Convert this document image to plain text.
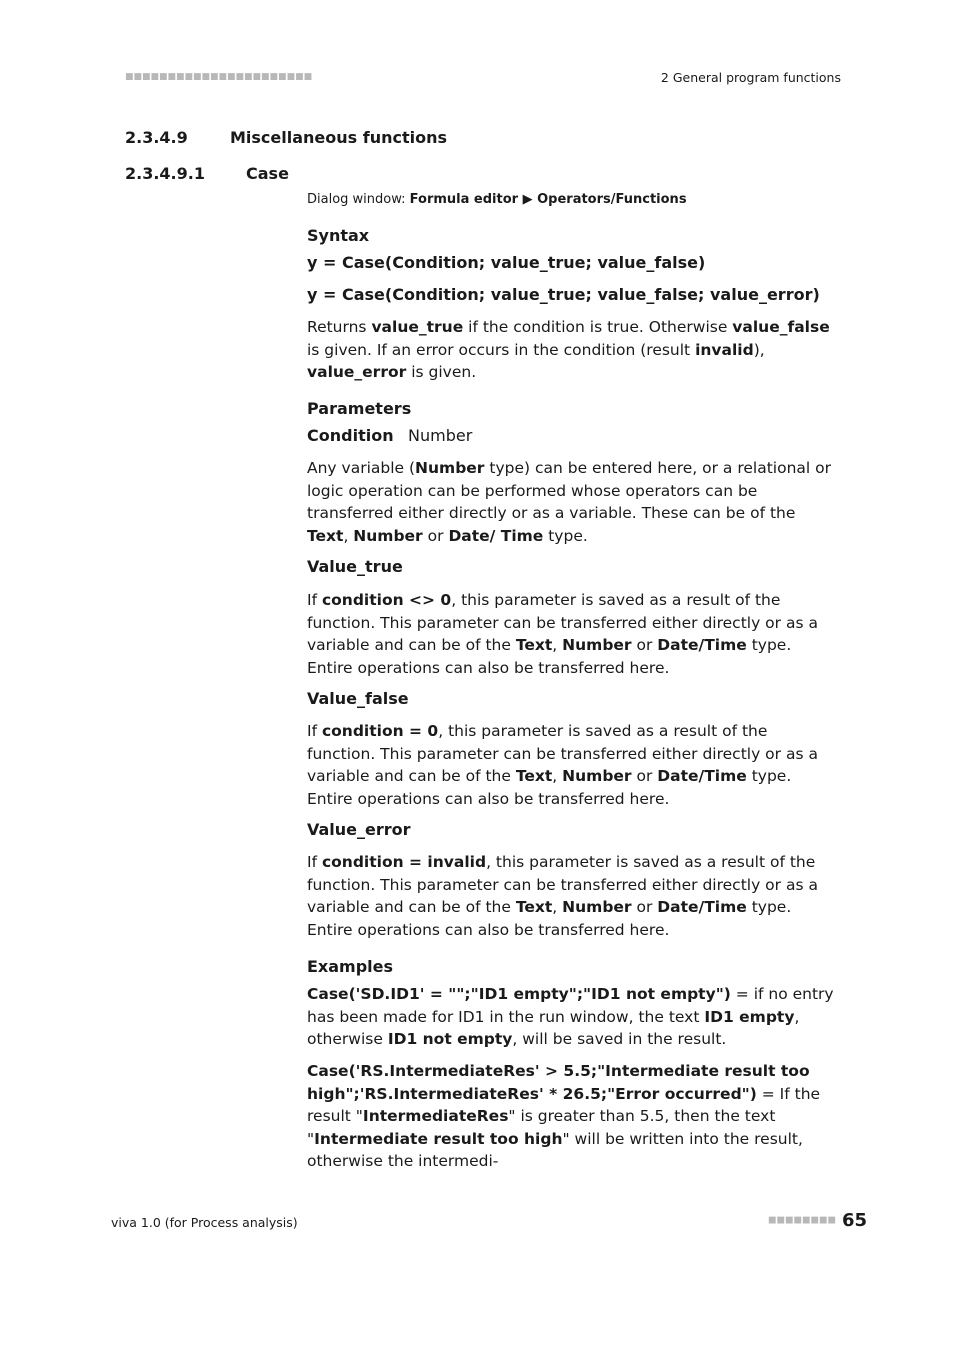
■■■■■■■■■■■■■■■■■■■■■■	2 General program functions
2.3.4.9	Miscellaneous functions
2.3.4.9.1	Case
Dialog window: Formula editor ▶ Operators/Functions
Syntax
y = Case(Condition; value_true; value_false)
y = Case(Condition; value_true; value_false; value_error)
Returns value_true if the condition is true. Otherwise value_false is given. If an error occurs in the condition (result invalid), value_error is given.
Parameters
Condition Number
Any variable (Number type) can be entered here, or a relational or logic operation can be performed whose operators can be transferred either directly or as a variable. These can be of the Text, Number or Date/ Time type.
Value_true
If condition <> 0, this parameter is saved as a result of the function. This parameter can be transferred either directly or as a variable and can be of the Text, Number or Date/Time type. Entire operations can also be transferred here.
Value_false
If condition = 0, this parameter is saved as a result of the function. This parameter can be transferred either directly or as a variable and can be of the Text, Number or Date/Time type. Entire operations can also be transferred here.
Value_error
If condition = invalid, this parameter is saved as a result of the function. This parameter can be transferred either directly or as a variable and can be of the Text, Number or Date/Time type. Entire operations can also be transferred here.
Examples
Case('SD.ID1' = "";"ID1 empty";"ID1 not empty") = if no entry has been made for ID1 in the run window, the text ID1 empty, otherwise ID1 not empty, will be saved in the result.
Case('RS.IntermediateRes' > 5.5;"Intermediate result too high";'RS.IntermediateRes' * 26.5;"Error occurred") = If the result "IntermediateRes" is greater than 5.5, then the text "Intermediate result too high" will be written into the result, otherwise the intermedi-
viva 1.0 (for Process analysis)	■■■■■■■■ 65
